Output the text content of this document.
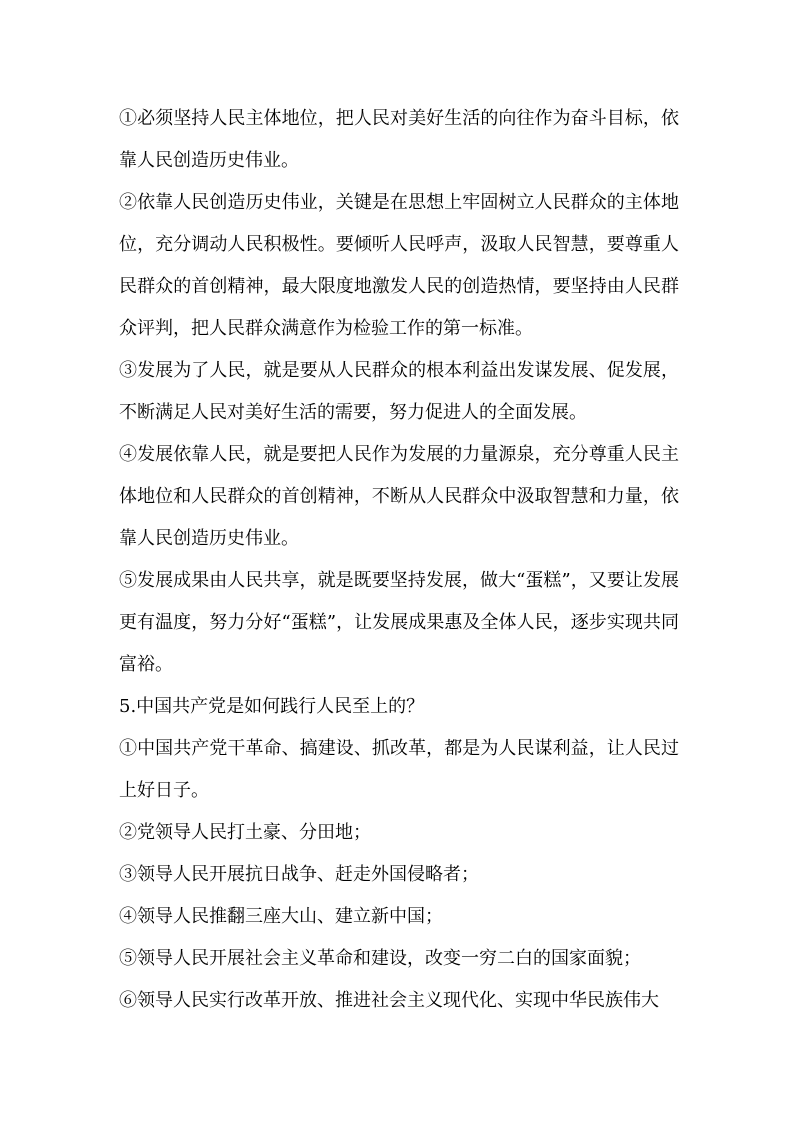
①必须坚持人民主体地位，把人民对美好生活的向往作为奋斗目标，依靠人民创造历史伟业。

②依靠人民创造历史伟业，关键是在思想上牢固树立人民群众的主体地位，充分调动人民积极性。要倾听人民呼声，汲取人民智慧，要尊重人民群众的首创精神，最大限度地激发人民的创造热情，要坚持由人民群众评判，把人民群众满意作为检验工作的第一标准。

③发展为了人民，就是要从人民群众的根本利益出发谋发展、促发展，不断满足人民对美好生活的需要，努力促进人的全面发展。

④发展依靠人民，就是要把人民作为发展的力量源泉，充分尊重人民主体地位和人民群众的首创精神，不断从人民群众中汲取智慧和力量，依靠人民创造历史伟业。

⑤发展成果由人民共享，就是既要坚持发展，做大“蛋糕”，又要让发展更有温度，努力分好“蛋糕”，让发展成果惠及全体人民，逐步实现共同富裕。

5.中国共产党是如何践行人民至上的？

①中国共产党干革命、搞建设、抓改革，都是为人民谋利益，让人民过上好日子。

②党领导人民打土豪、分田地；

③领导人民开展抗日战争、赶走外国侵略者；

④领导人民推翻三座大山、建立新中国；

⑤领导人民开展社会主义革命和建设，改变一穷二白的国家面貌；

⑥领导人民实行改革开放、推进社会主义现代化、实现中华民族伟大
